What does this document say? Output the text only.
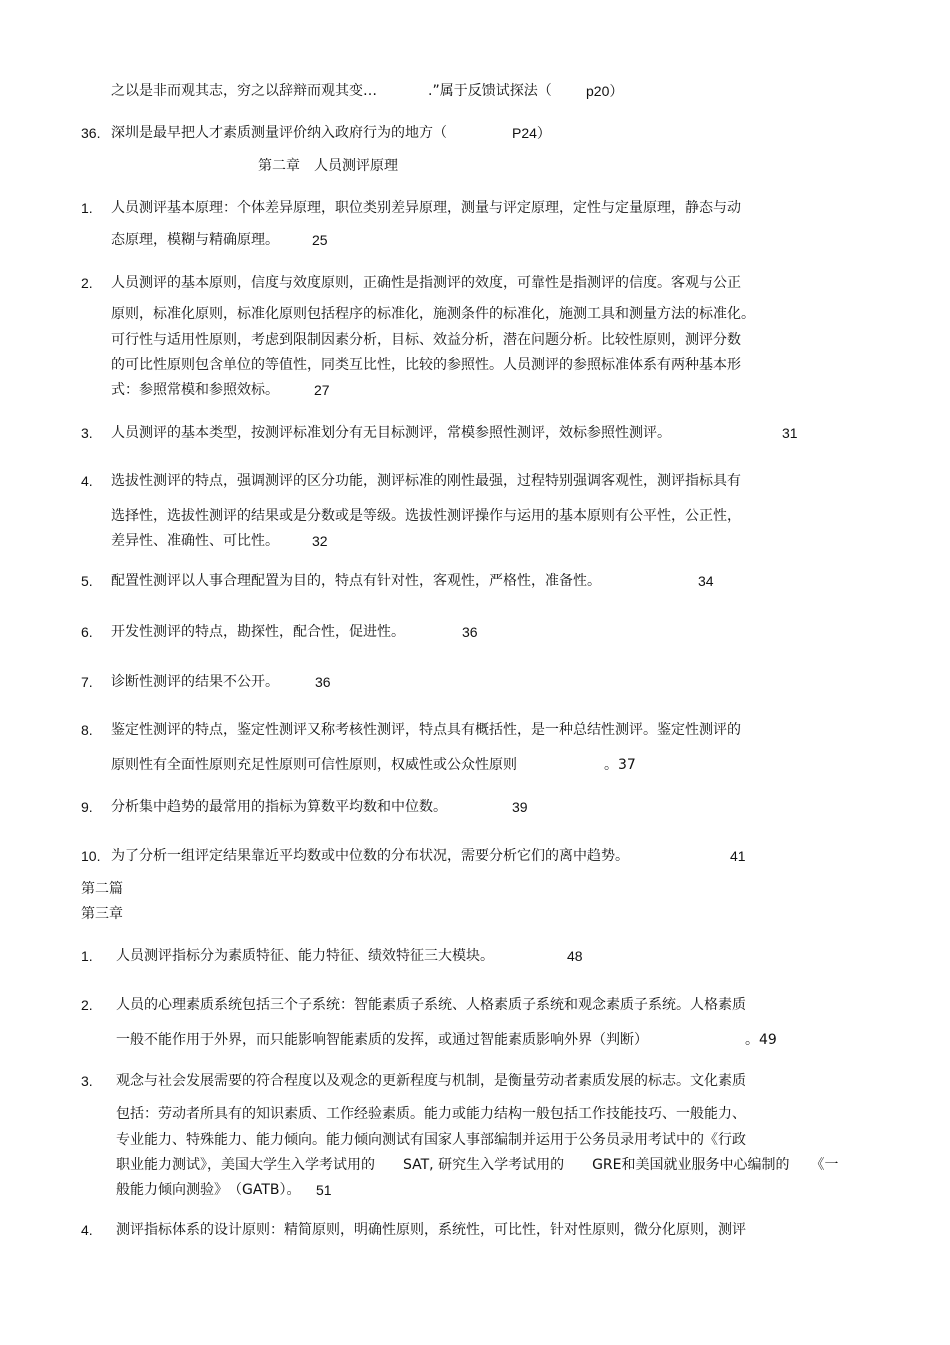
之以是非而观其志，穷之以辞辩而观其变…	.”属于反馈试探法（ p20）
36. 深圳是最早把人才素质测量评价纳入政府行为的地方（	P24）
第二章　人员测评原理
1. 人员测评基本原理：个体差异原理，职位类别差异原理，测量与评定原理，定性与定量原理，静态与动
态原理，模糊与精确原理。 25
2. 人员测评的基本原则，信度与效度原则，正确性是指测评的效度，可靠性是指测评的信度。客观与公正
原则，标准化原则，标准化原则包括程序的标准化，施测条件的标准化，施测工具和测量方法的标准化。
可行性与适用性原则，考虑到限制因素分析，目标、效益分析，潜在问题分析。比较性原则，测评分数
的可比性原则包含单位的等值性，同类互比性，比较的参照性。人员测评的参照标准体系有两种基本形
式：参照常模和参照效标。	27
3. 人员测评的基本类型，按测评标准划分有无目标测评，常模参照性测评，效标参照性测评。	31
4. 选拔性测评的特点，强调测评的区分功能，测评标准的刚性最强，过程特别强调客观性，测评指标具有
选择性，选拔性测评的结果或是分数或是等级。选拔性测评操作与运用的基本原则有公平性，公正性，
差异性、准确性、可比性。 32
5. 配置性测评以人事合理配置为目的，特点有针对性，客观性，严格性，准备性。	34
6. 开发性测评的特点，勘探性，配合性，促进性。	36
7. 诊断性测评的结果不公开。	36
8. 鉴定性测评的特点，鉴定性测评又称考核性测评，特点具有概括性，是一种总结性测评。鉴定性测评的
原则性有全面性原则充足性原则可信性原则，权威性或公众性原则	。37
9. 分析集中趋势的最常用的指标为算数平均数和中位数。	39
10. 为了分析一组评定结果靠近平均数或中位数的分布状况，需要分析它们的离中趋势。	41
第二篇
第三章
1. 人员测评指标分为素质特征、能力特征、绩效特征三大模块。	48
2. 人员的心理素质系统包括三个子系统：智能素质子系统、人格素质子系统和观念素质子系统。人格素质
一般不能作用于外界，而只能影响智能素质的发挥，或通过智能素质影响外界（判断）	。49
3. 观念与社会发展需要的符合程度以及观念的更新程度与机制，是衡量劳动者素质发展的标志。文化素质
包括：劳动者所具有的知识素质、工作经验素质。能力或能力结构一般包括工作技能技巧、一般能力、
专业能力、特殊能力、能力倾向。能力倾向测试有国家人事部编制并运用于公务员录用考试中的《行政
职业能力测试》，美国大学生入学考试用的　　SAT, 研究生入学考试用的　　GRE和美国就业服务中心编制的　　《一
般能力倾向测验》　（GATB）。 51
4. 测评指标体系的设计原则：精简原则，明确性原则，系统性，可比性，针对性原则，微分化原则，测评
